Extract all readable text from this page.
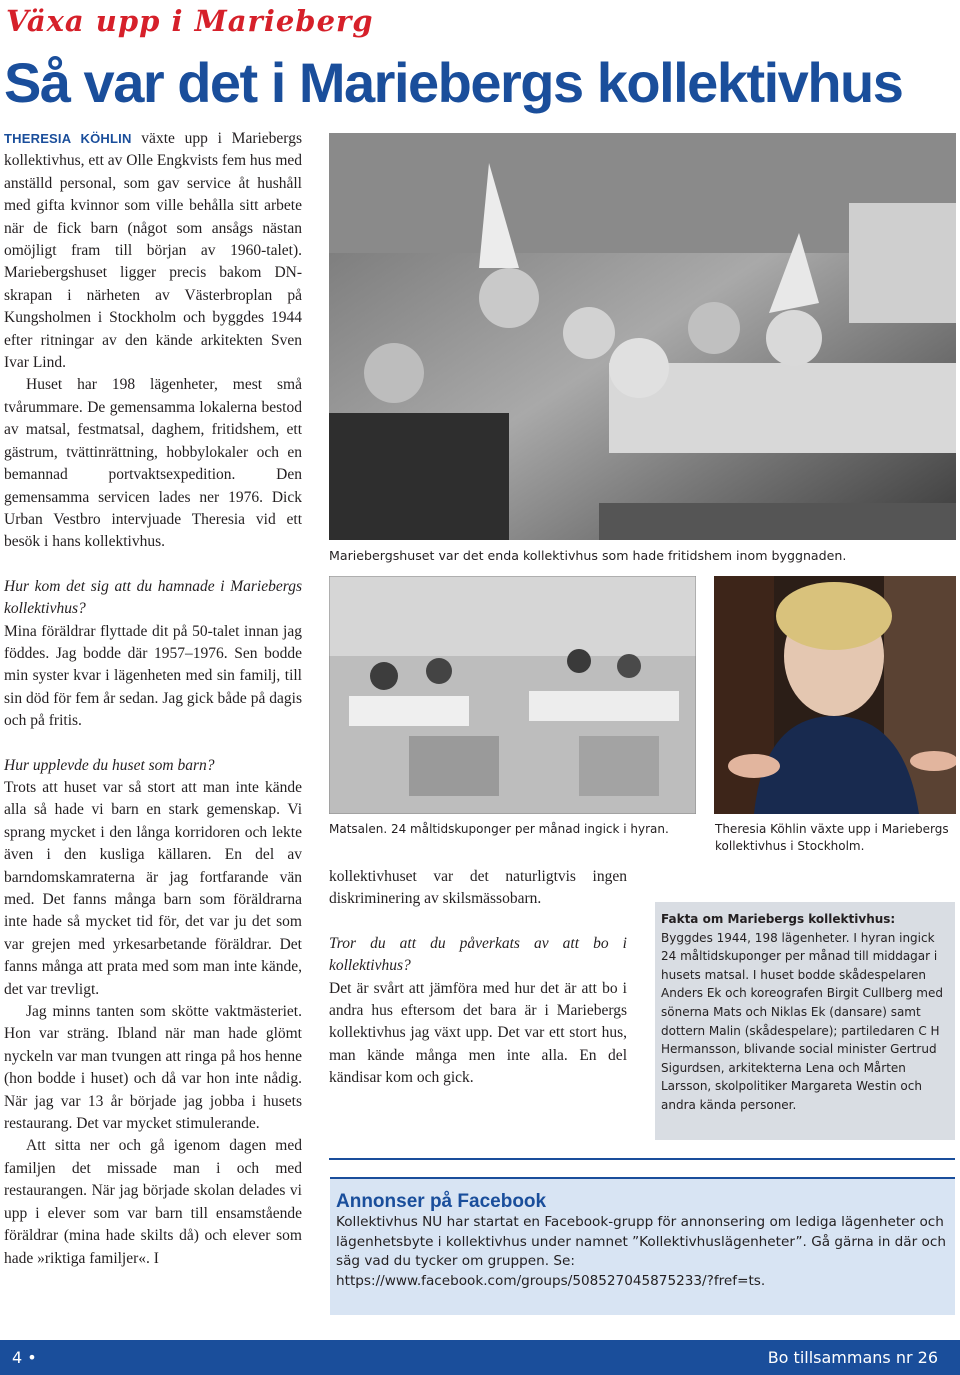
Växa upp i Marieberg
Så var det i Mariebergs kollektivhus

THERESIA KÖHLIN växte upp i Mariebergs kollektivhus, ett av Olle Engkvists fem hus med anställd personal, som gav service åt hushåll med gifta kvinnor som ville behålla sitt arbete när de fick barn (något som ansågs nästan omöjligt fram till början av 1960-talet). Mariebergshuset ligger precis bakom DN-skrapan i närheten av Västerbroplan på Kungsholmen i Stockholm och byggdes 1944 efter ritningar av den kände arkitekten Sven Ivar Lind.

Huset har 198 lägenheter, mest små tvårummare. De gemensamma lokalerna bestod av matsal, festmatsal, daghem, fritidshem, ett gästrum, tvättinrättning, hobbylokaler och en bemannad portvaktsexpedition. Den gemensamma servicen lades ner 1976. Dick Urban Vestbro intervjuade Theresia vid ett besök i hans kollektivhus.

Hur kom det sig att du hamnade i Mariebergs kollektivhus?

Mina föräldrar flyttade dit på 50-talet innan jag föddes. Jag bodde där 1957–1976. Sen bodde min syster kvar i lägenheten med sin familj, till sin död för fem år sedan. Jag gick både på dagis och på fritis.

Hur upplevde du huset som barn?

Trots att huset var så stort att man inte kände alla så hade vi barn en stark gemenskap. Vi sprang mycket i den långa korridoren och lekte även i den kusliga källaren. En del av barndomskamraterna är jag fortfarande vän med. Det fanns många barn som föräldrarna inte hade så mycket tid för, det var ju det som var grejen med yrkesarbetande föräldrar. Det fanns många att prata med som man inte kände, det var trevligt.

Jag minns tanten som skötte vaktmästeriet. Hon var sträng. Ibland när man hade glömt nyckeln var man tvungen att ringa på hos henne (hon bodde i huset) och då var hon inte nådig. När jag var 13 år började jag jobba i husets restaurang. Det var mycket stimulerande.

Att sitta ner och gå igenom dagen med familjen det missade man i och med restaurangen. När jag började skolan delades vi upp i elever som var barn till ensamstående föräldrar (mina hade skilts då) och elever som hade »riktiga familjer«. I

Mariebergshuset var det enda kollektivhus som hade fritidshem inom byggnaden.
Matsalen. 24 måltidskuponger per månad ingick i hyran.	Theresia Köhlin växte upp i Mariebergs kollektivhus i Stockholm.

kollektivhuset var det naturligtvis ingen diskriminering av skilsmässobarn.

Tror du att du påverkats av att bo i kollektivhus?

Det är svårt att jämföra med hur det är att bo i andra hus eftersom det bara är i Mariebergs kollektivhus jag växt upp. Det var ett stort hus, man kände många men inte alla. En del kändisar kom och gick.

Fakta om Mariebergs kollektivhus:
Byggdes 1944, 198 lägenheter. I hyran ingick 24 måltidskuponger per månad till middagar i husets matsal. I huset bodde skådespelaren Anders Ek och koreografen Birgit Cullberg med sönerna Mats och Niklas Ek (dansare) samt dottern Malin (skådespelare); partiledaren C H Hermansson, blivande social minister Gertrud Sigurdsen, arkitekterna Lena och Mårten Larsson, skolpolitiker Margareta Westin och andra kända personer.
Annonser på Facebook
Kollektivhus NU har startat en Facebook-grupp för annonsering om lediga lägenheter och lägenhetsbyte i kollektivhus under namnet ”Kollektivhuslägenheter”. Gå gärna in där och säg vad du tycker om gruppen. Se: https://www.facebook.com/groups/508527045875233/?fref=ts.
4 •	Bo tillsammans nr 26
